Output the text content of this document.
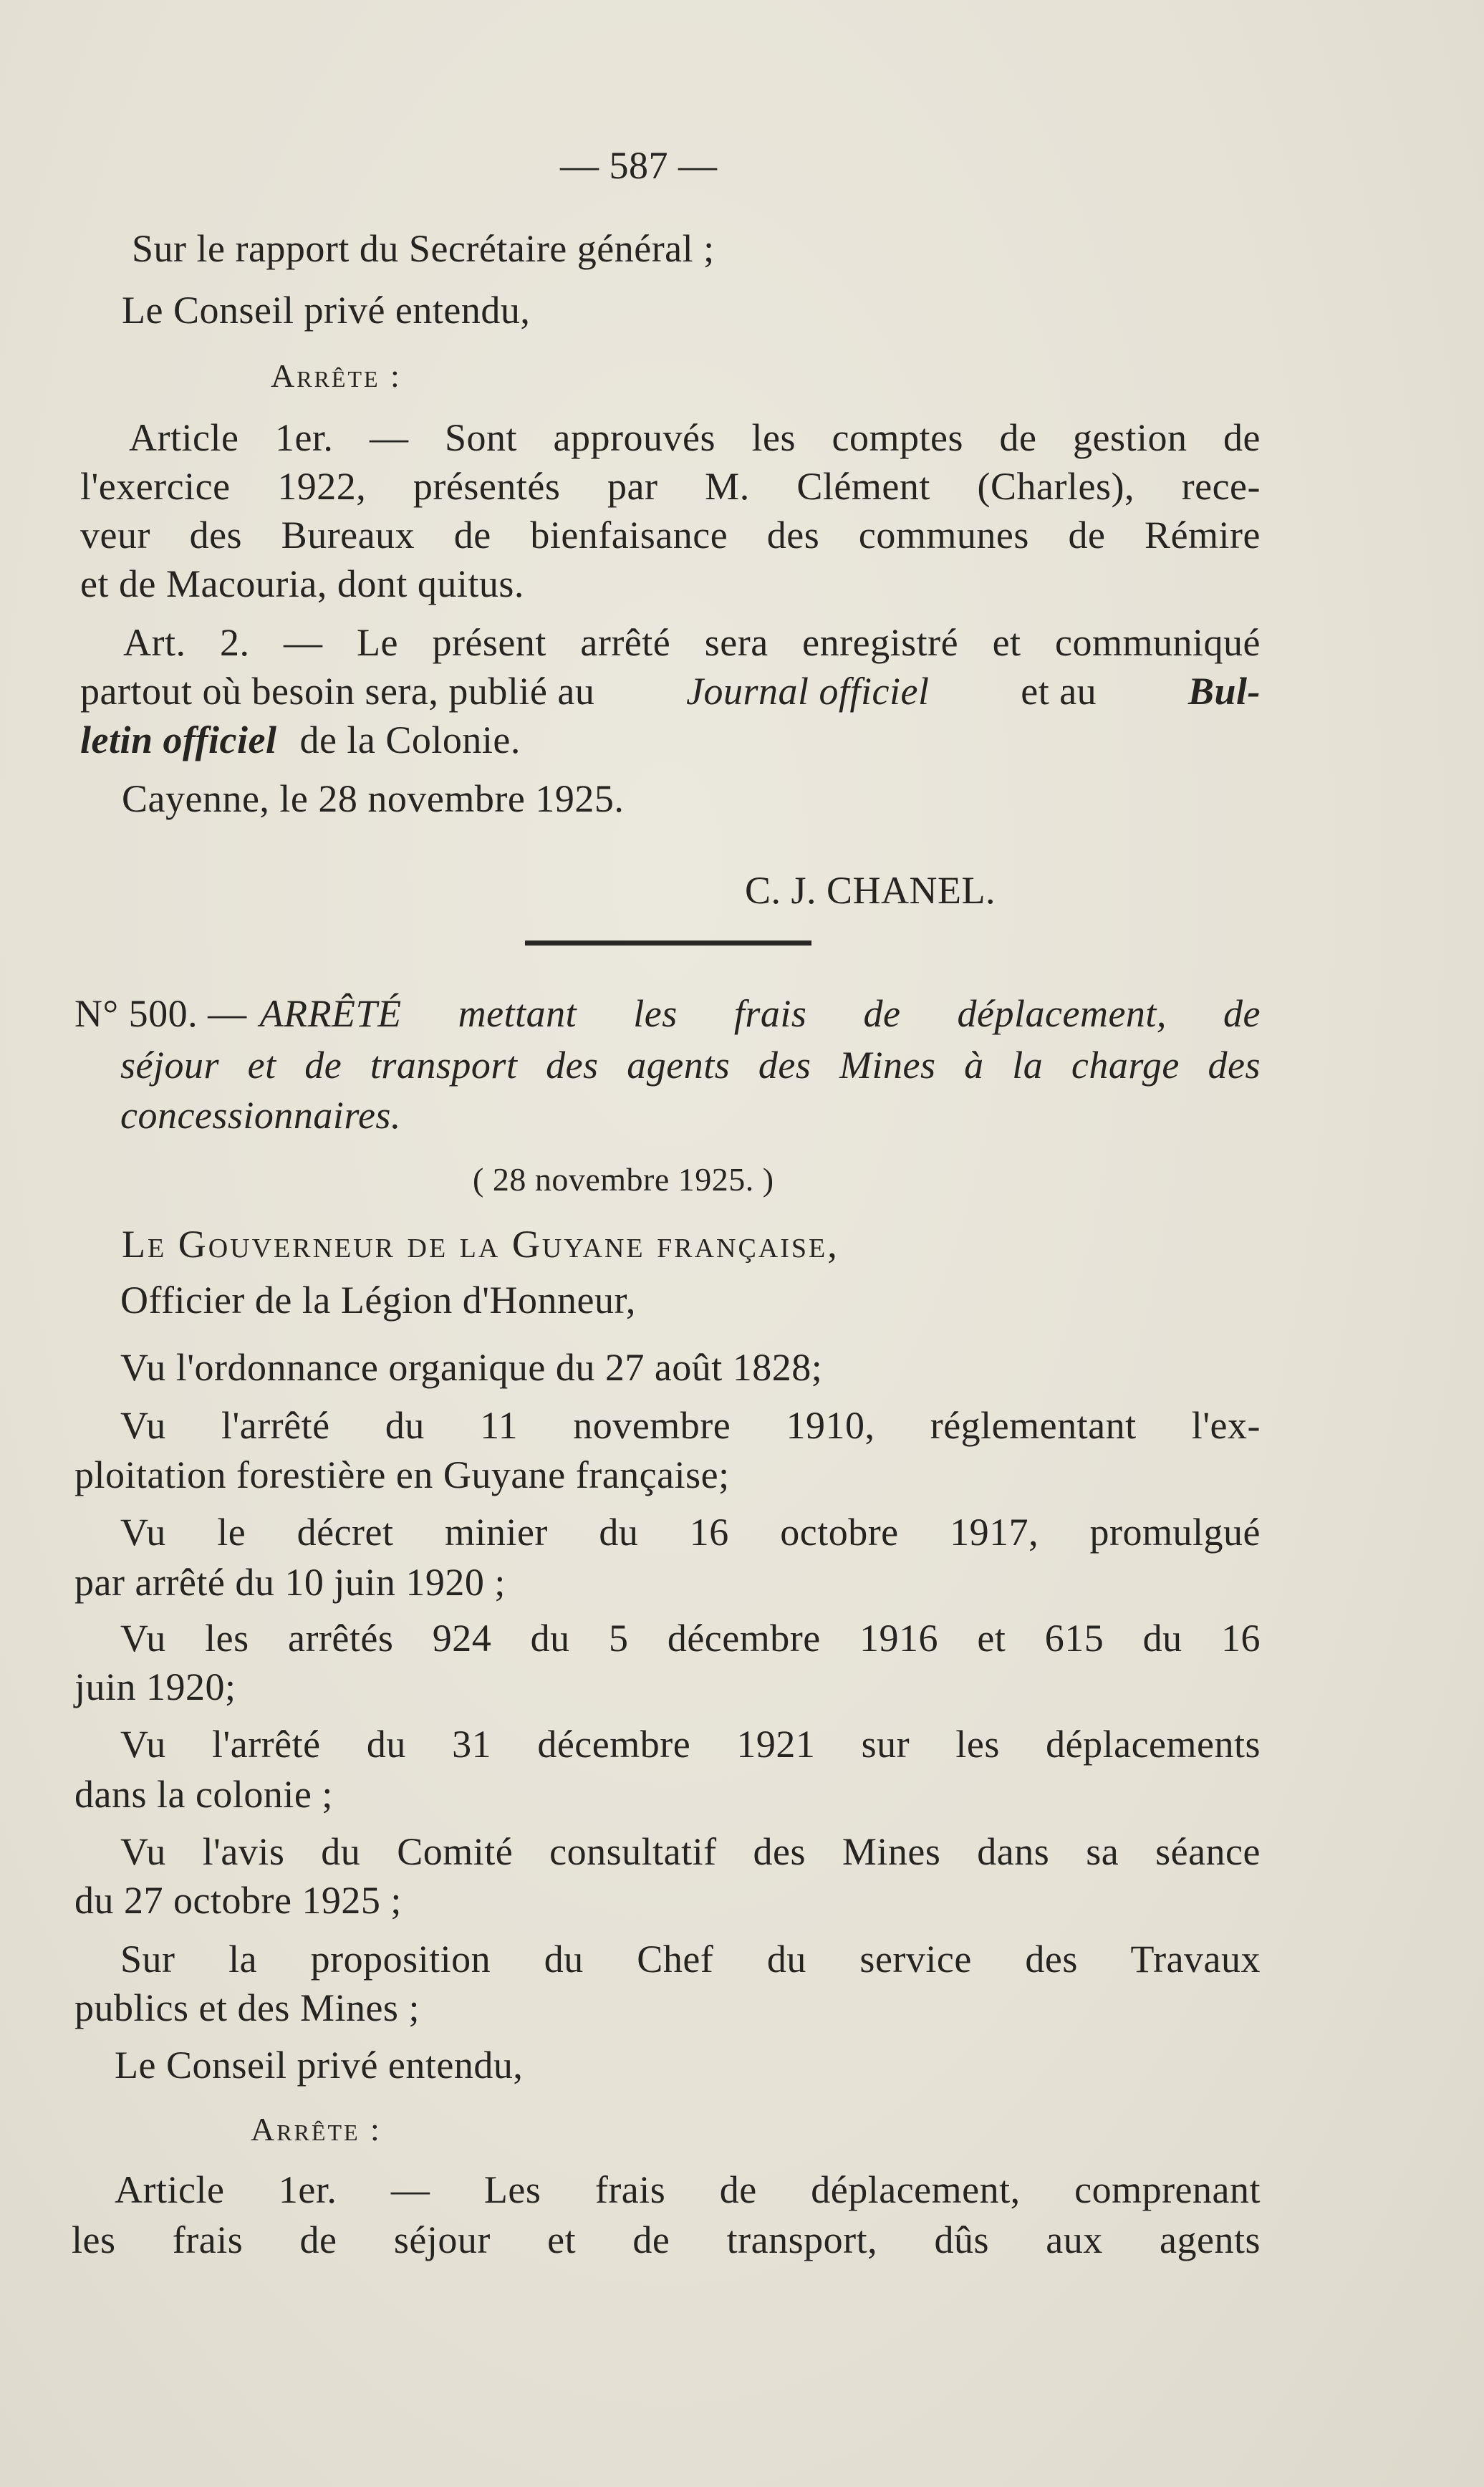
— 587 —
Sur le rapport du Secrétaire général ;
Le Conseil privé entendu,
Arrête :
Article 1er. — Sont approuvés les comptes de gestion de
l'exercice 1922, présentés par M. Clément (Charles), rece-
veur des Bureaux de bienfaisance des communes de Rémire
et de Macouria, dont quitus.
Art. 2. — Le présent arrêté sera enregistré et communiqué
partout où besoin sera, publié au Journal officiel et au Bul-
letin officiel de la Colonie.
Cayenne, le 28 novembre 1925.
C. J. CHANEL.
N° 500. — ARRÊTÉ mettant les frais de déplacement, de
séjour et de transport des agents des Mines à la charge des
concessionnaires.
( 28 novembre 1925. )
Le Gouverneur de la Guyane française,
Officier de la Légion d'Honneur,
Vu l'ordonnance organique du 27 août 1828;
Vu l'arrêté du 11 novembre 1910, réglementant l'ex-
ploitation forestière en Guyane française;
Vu le décret minier du 16 octobre 1917, promulgué
par arrêté du 10 juin 1920 ;
Vu les arrêtés 924 du 5 décembre 1916 et 615 du 16
juin 1920;
Vu l'arrêté du 31 décembre 1921 sur les déplacements
dans la colonie ;
Vu l'avis du Comité consultatif des Mines dans sa séance
du 27 octobre 1925 ;
Sur la proposition du Chef du service des Travaux
publics et des Mines ;
Le Conseil privé entendu,
Arrête :
Article 1er. — Les frais de déplacement, comprenant
les frais de séjour et de transport, dûs aux agents
